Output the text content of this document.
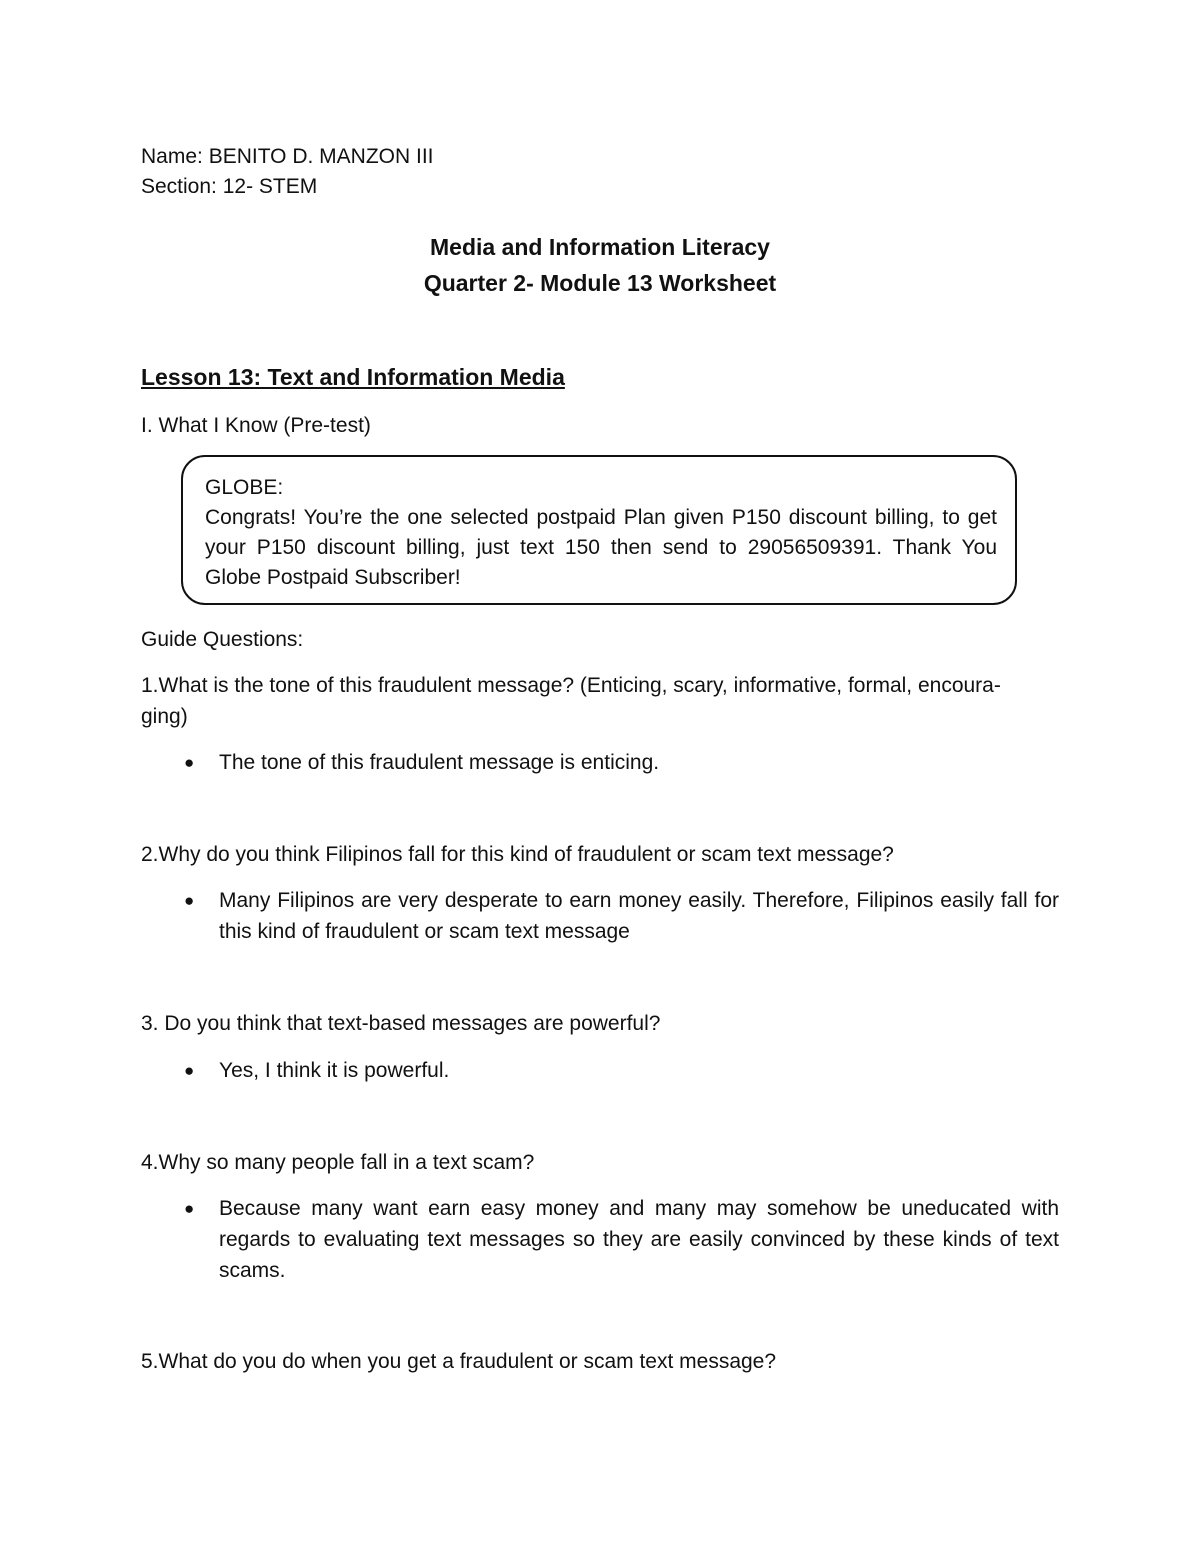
Name: BENITO D. MANZON III
Section: 12- STEM
Media and Information Literacy
Quarter 2- Module 13 Worksheet
Lesson 13: Text and Information Media
I. What I Know (Pre-test)
GLOBE:
Congrats! You’re the one selected postpaid Plan given P150 discount billing, to get your P150 discount billing, just text 150 then send to 29056509391. Thank You Globe Postpaid Subscriber!
Guide Questions:
1.What is the tone of this fraudulent message? (Enticing, scary, informative, formal, encoura-
ging)
● The tone of this fraudulent message is enticing.
2.Why do you think Filipinos fall for this kind of fraudulent or scam text message?
● Many Filipinos are very desperate to earn money easily. Therefore, Filipinos easily fall for this kind of fraudulent or scam text message
3. Do you think that text-based messages are powerful?
● Yes, I think it is powerful.
4.Why so many people fall in a text scam?
● Because many want earn easy money and many may somehow be uneducated with regards to evaluating text messages so they are easily convinced by these kinds of text scams.
5.What do you do when you get a fraudulent or scam text message?
